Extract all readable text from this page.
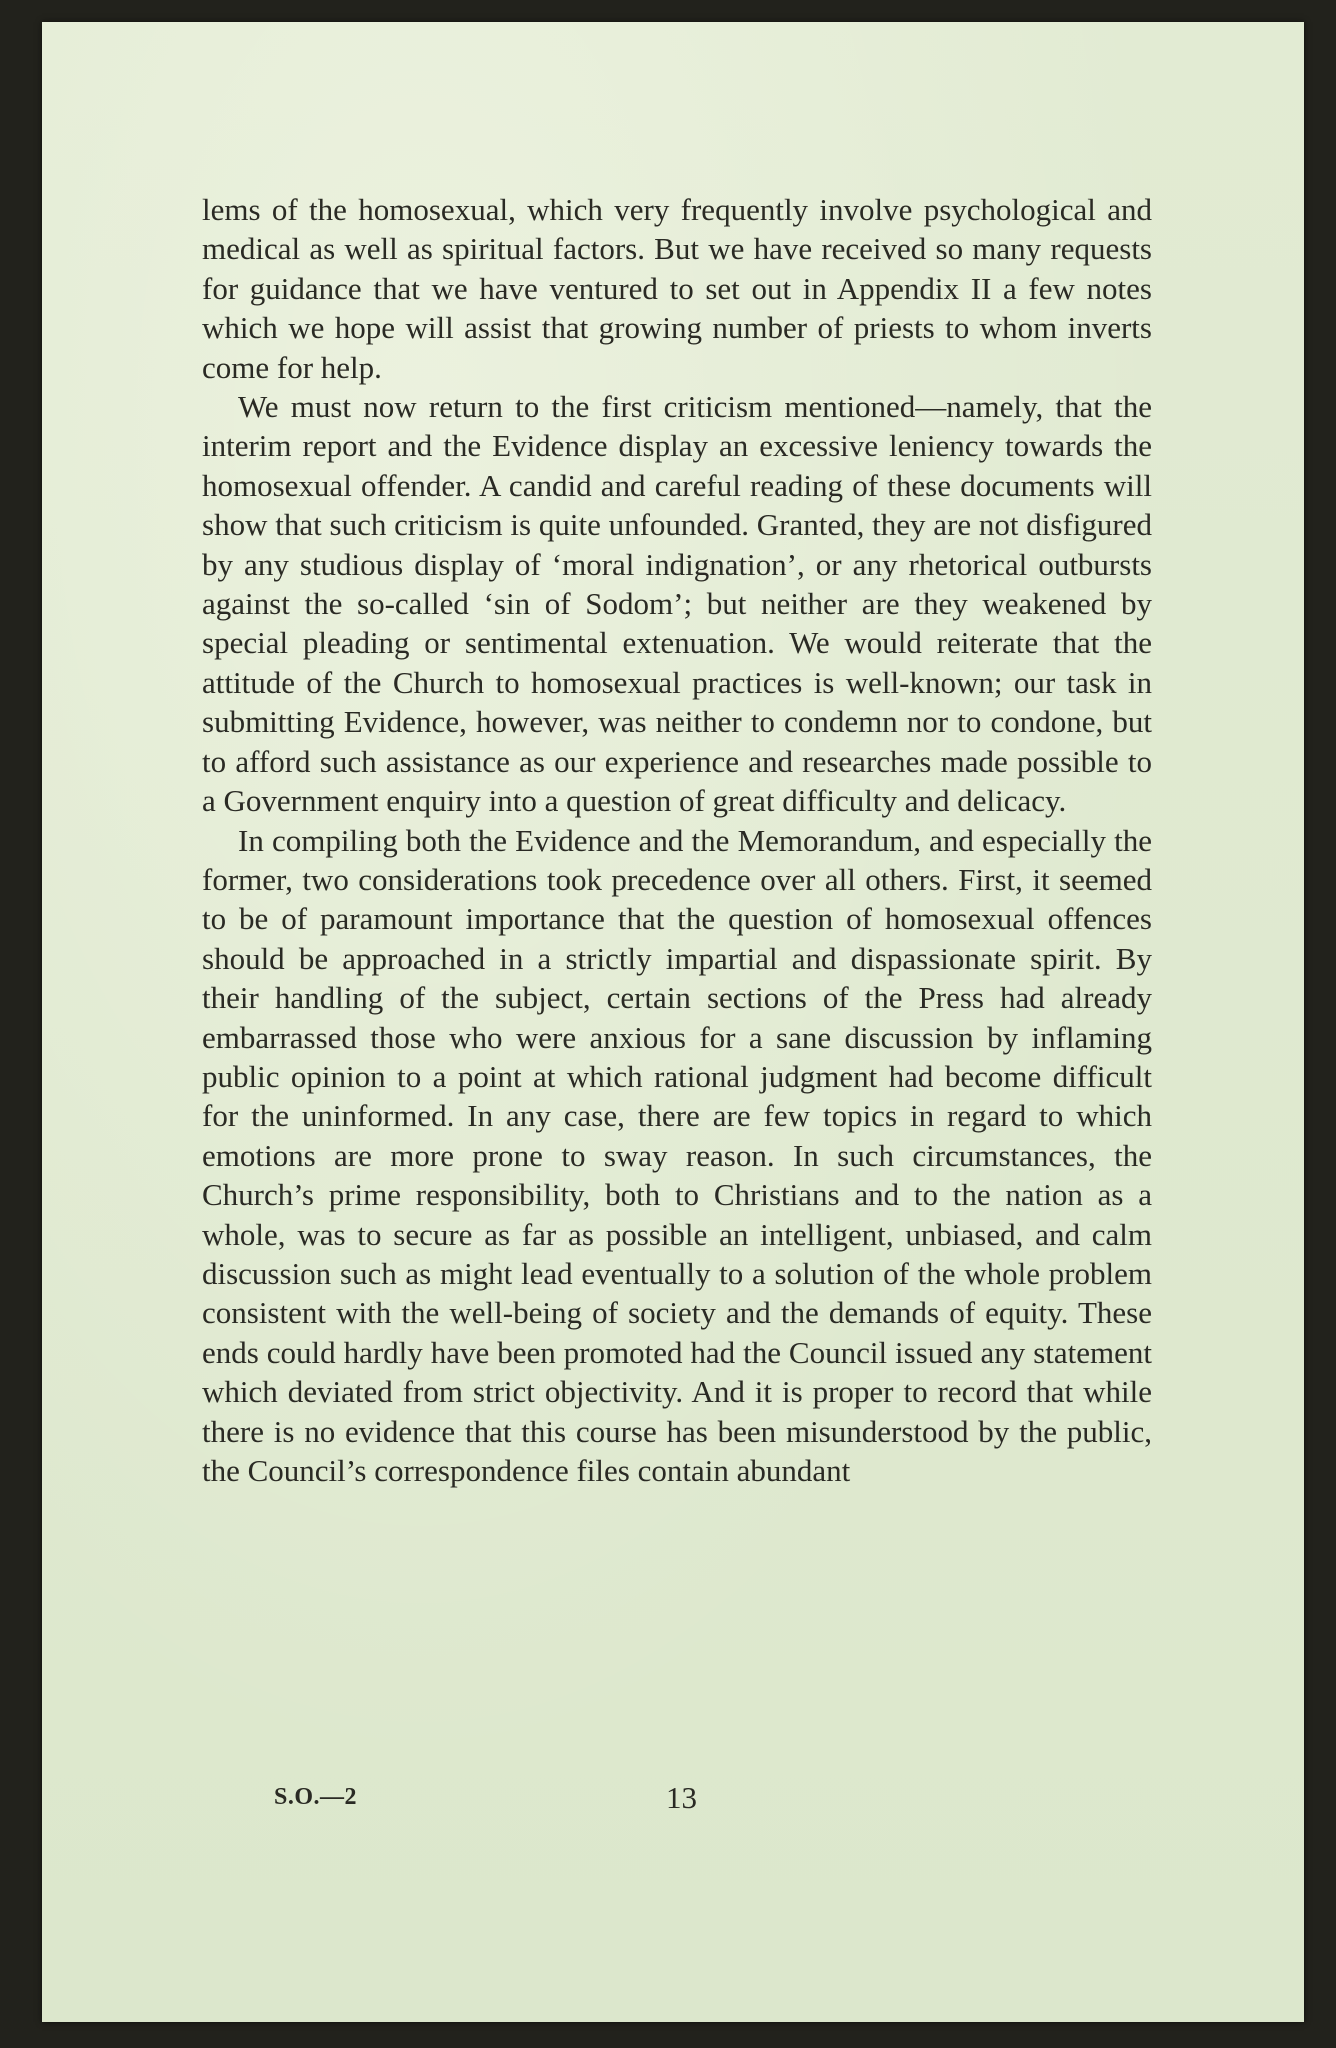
lems of the homosexual, which very frequently involve psychological and medical as well as spiritual factors. But we have received so many requests for guidance that we have ventured to set out in Appendix II a few notes which we hope will assist that growing number of priests to whom inverts come for help.

We must now return to the first criticism mentioned—namely, that the interim report and the Evidence display an excessive leniency towards the homosexual offender. A candid and careful reading of these documents will show that such criticism is quite unfounded. Granted, they are not disfigured by any studious display of ‘moral indignation’, or any rhetorical outbursts against the so-called ‘sin of Sodom’; but neither are they weakened by special pleading or sentimental extenuation. We would reiterate that the attitude of the Church to homosexual practices is well-known; our task in submitting Evidence, however, was neither to condemn nor to condone, but to afford such assistance as our experience and researches made possible to a Government enquiry into a question of great difficulty and delicacy.

In compiling both the Evidence and the Memorandum, and especially the former, two considerations took precedence over all others. First, it seemed to be of paramount importance that the question of homosexual offences should be approached in a strictly impartial and dispassionate spirit. By their handling of the subject, certain sections of the Press had already embarrassed those who were anxious for a sane discussion by inflaming public opinion to a point at which rational judgment had become difficult for the uninformed. In any case, there are few topics in regard to which emotions are more prone to sway reason. In such circumstances, the Church’s prime responsibility, both to Christians and to the nation as a whole, was to secure as far as possible an intelligent, unbiased, and calm discussion such as might lead eventually to a solution of the whole problem consistent with the well-being of society and the demands of equity. These ends could hardly have been promoted had the Council issued any statement which deviated from strict objectivity. And it is proper to record that while there is no evidence that this course has been misunderstood by the public, the Council’s correspondence files contain abundant

S.O.—2	13
